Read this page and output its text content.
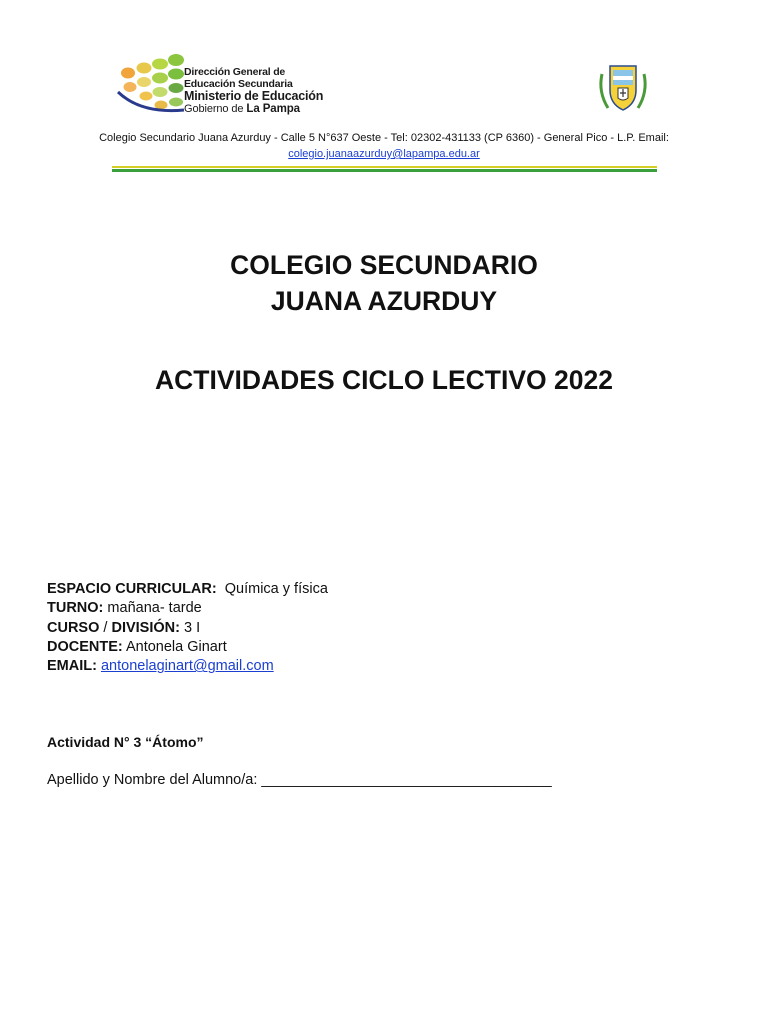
Dirección General de
Educación Secundaria
Ministerio de Educación
Gobierno de La Pampa
Colegio Secundario Juana Azurduy - Calle 5 N°637 Oeste - Tel: 02302-431133 (CP 6360) - General Pico - L.P. Email:
colegio.juanaazurduy@lapampa.edu.ar
COLEGIO SECUNDARIO
JUANA AZURDUY
ACTIVIDADES CICLO LECTIVO 2022
ESPACIO CURRICULAR: Química y física
TURNO: mañana- tarde
CURSO / DIVISIÓN: 3 I
DOCENTE: Antonela Ginart
EMAIL: antonelaginart@gmail.com
Actividad N° 3 “Átomo”
Apellido y Nombre del Alumno/a: ____________________________________
